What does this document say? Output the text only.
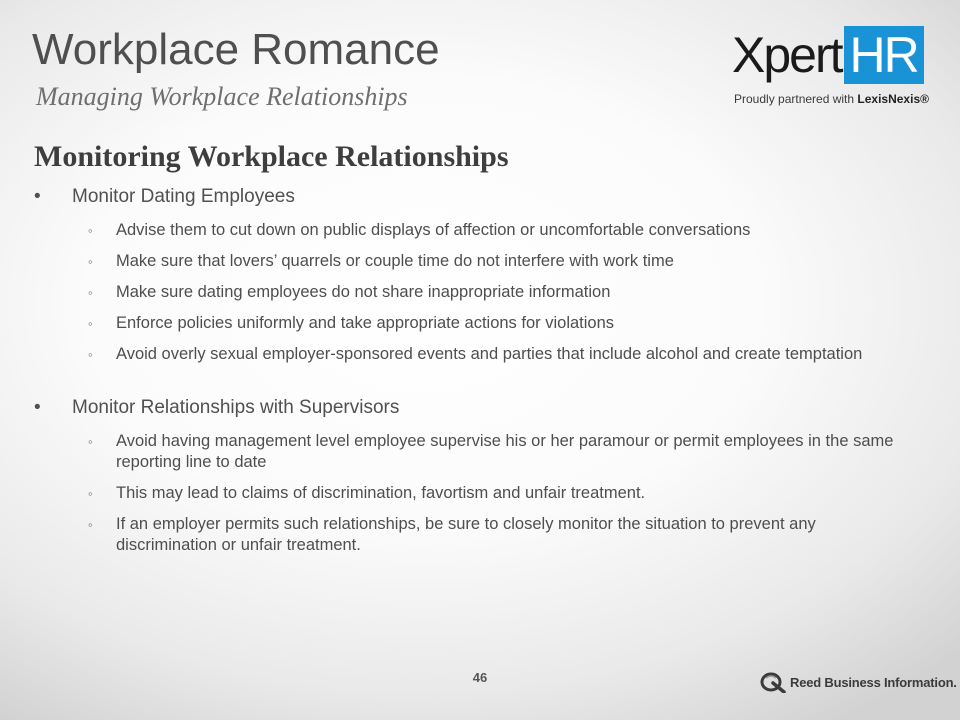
Workplace Romance
Managing Workplace Relationships
Xpert HR
Proudly partnered with LexisNexis®
Monitoring Workplace Relationships
• Monitor Dating Employees
◦ Advise them to cut down on public displays of affection or uncomfortable conversations
◦ Make sure that lovers’ quarrels or couple time do not interfere with work time
◦ Make sure dating employees do not share inappropriate information
◦ Enforce policies uniformly and take appropriate actions for violations
◦ Avoid overly sexual employer-sponsored events and parties that include alcohol and create temptation
• Monitor Relationships with Supervisors
◦ Avoid having management level employee supervise his or her paramour or permit employees in the same reporting line to date
◦ This may lead to claims of discrimination, favortism and unfair treatment.
◦ If an employer permits such relationships, be sure to closely monitor the situation to prevent any discrimination or unfair treatment.
46	Reed Business Information.
